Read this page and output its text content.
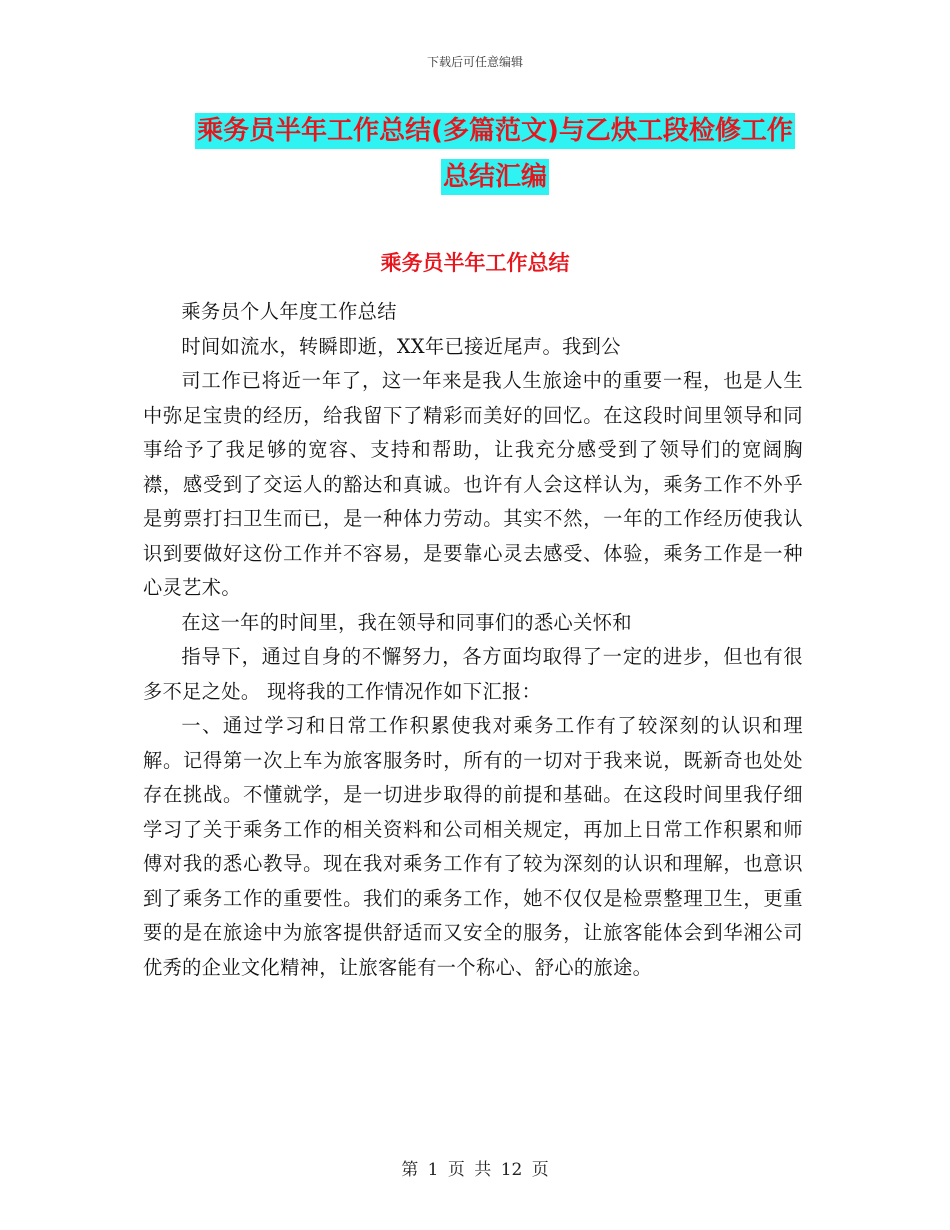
下载后可任意编辑
乘务员半年工作总结(多篇范文)与乙炔工段检修工作
总结汇编
乘务员半年工作总结

乘务员个人年度工作总结

时间如流水，转瞬即逝，XX年已接近尾声。我到公

司工作已将近一年了，这一年来是我人生旅途中的重要一程，也是人生中弥足宝贵的经历，给我留下了精彩而美好的回忆。在这段时间里领导和同事给予了我足够的宽容、支持和帮助，让我充分感受到了领导们的宽阔胸襟，感受到了交运人的豁达和真诚。也许有人会这样认为，乘务工作不外乎是剪票打扫卫生而已，是一种体力劳动。其实不然，一年的工作经历使我认识到要做好这份工作并不容易，是要靠心灵去感受、体验，乘务工作是一种心灵艺术。

在这一年的时间里，我在领导和同事们的悉心关怀和

指导下，通过自身的不懈努力，各方面均取得了一定的进步，但也有很多不足之处。 现将我的工作情况作如下汇报：

一、通过学习和日常工作积累使我对乘务工作有了较深刻的认识和理解。记得第一次上车为旅客服务时，所有的一切对于我来说，既新奇也处处存在挑战。不懂就学，是一切进步取得的前提和基础。在这段时间里我仔细学习了关于乘务工作的相关资料和公司相关规定，再加上日常工作积累和师傅对我的悉心教导。现在我对乘务工作有了较为深刻的认识和理解，也意识到了乘务工作的重要性。我们的乘务工作，她不仅仅是检票整理卫生，更重要的是在旅途中为旅客提供舒适而又安全的服务，让旅客能体会到华湘公司优秀的企业文化精神，让旅客能有一个称心、舒心的旅途。

第 1 页 共 12 页
